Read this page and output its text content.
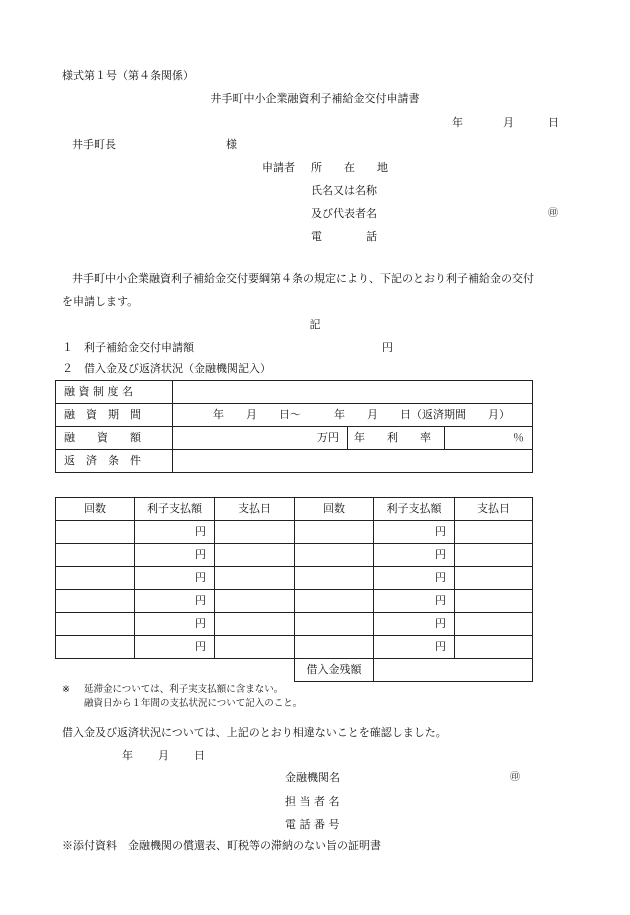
様式第１号（第４条関係）
井手町中小企業融資利子補給金交付申請書
年	月	日
井手町長	様
申請者 所　　在　　地
氏名又は名称
及び代表者名	㊞
電　　　　話
井手町中小企業融資利子補給金交付要綱第４条の規定により、下記のとおり利子補給金の交付
を申請します。
記
１　利子補給金交付申請額	円
２　借入金及び返済状況（金融機関記入）
融 資 制 度 名			
融　資　期　間	年　　月　　日～　　　年　　月　　日（返済期間　　月）		
融　　資　　額	万円	年　　利　　率	％
返　済　条　件			
回数	利子支払額	支払日	回数	利子支払額	支払日
	円			円	
	円			円	
	円			円	
	円			円	
	円			円	
	円			円	
			借入金残額		
※ 延滞金については、利子実支払額に含まない。
融資日から１年間の支払状況について記入のこと。
借入金及び返済状況については、上記のとおり相違ないことを確認しました。
年 月 日
金融機関名	㊞
担 当 者 名
電 話 番 号
※添付資料　金融機関の償還表、町税等の滞納のない旨の証明書
